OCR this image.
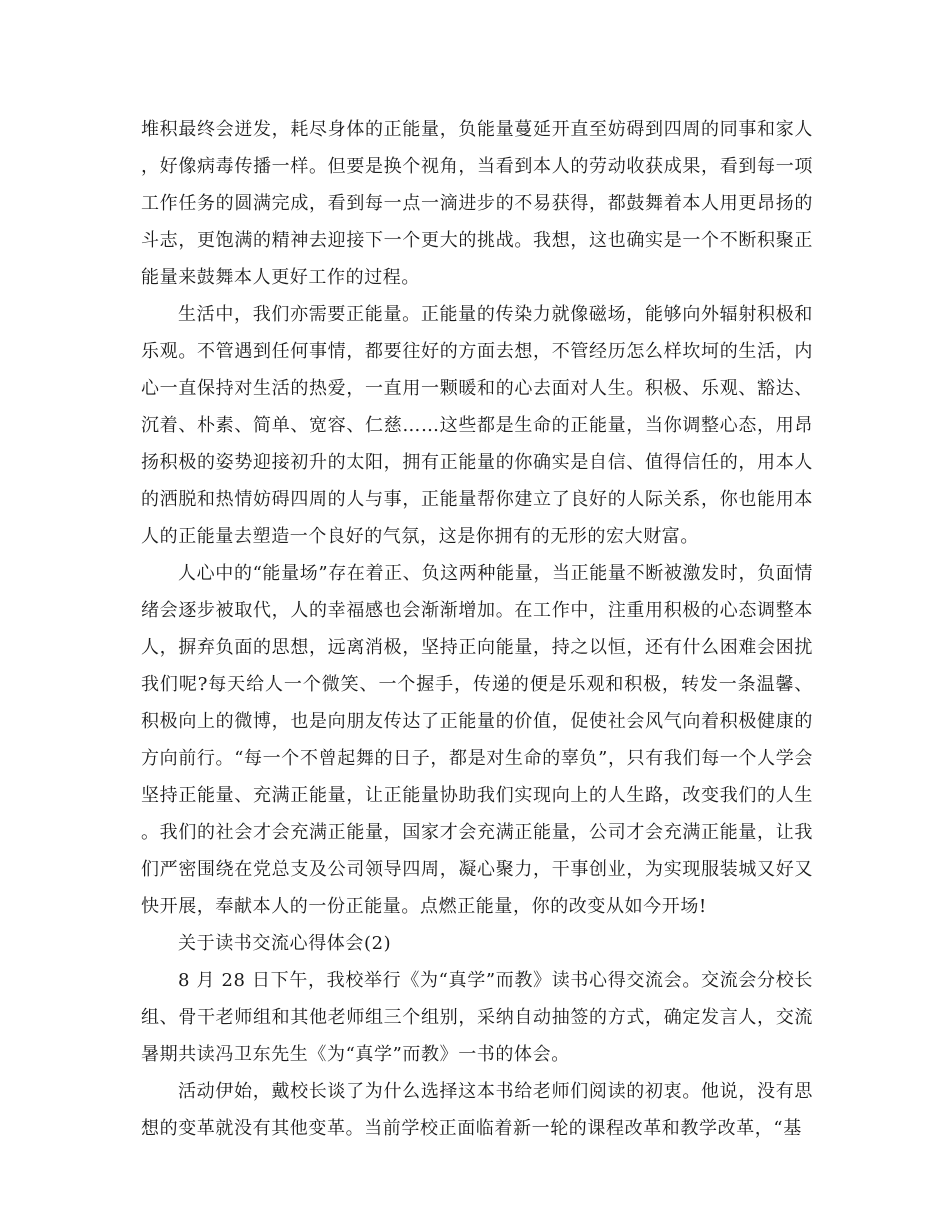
堆积最终会迸发，耗尽身体的正能量，负能量蔓延开直至妨碍到四周的同事和家人，好像病毒传播一样。但要是换个视角，当看到本人的劳动收获成果，看到每一项工作任务的圆满完成，看到每一点一滴进步的不易获得，都鼓舞着本人用更昂扬的斗志，更饱满的精神去迎接下一个更大的挑战。我想，这也确实是一个不断积聚正能量来鼓舞本人更好工作的过程。

生活中，我们亦需要正能量。正能量的传染力就像磁场，能够向外辐射积极和乐观。不管遇到任何事情，都要往好的方面去想，不管经历怎么样坎坷的生活，内心一直保持对生活的热爱，一直用一颗暖和的心去面对人生。积极、乐观、豁达、沉着、朴素、简单、宽容、仁慈……这些都是生命的正能量，当你调整心态，用昂扬积极的姿势迎接初升的太阳，拥有正能量的你确实是自信、值得信任的，用本人的洒脱和热情妨碍四周的人与事，正能量帮你建立了良好的人际关系，你也能用本人的正能量去塑造一个良好的气氛，这是你拥有的无形的宏大财富。

人心中的“能量场”存在着正、负这两种能量，当正能量不断被激发时，负面情绪会逐步被取代，人的幸福感也会渐渐增加。在工作中，注重用积极的心态调整本人，摒弃负面的思想，远离消极，坚持正向能量，持之以恒，还有什么困难会困扰我们呢?每天给人一个微笑、一个握手，传递的便是乐观和积极，转发一条温馨、积极向上的微博，也是向朋友传达了正能量的价值，促使社会风气向着积极健康的方向前行。“每一个不曾起舞的日子，都是对生命的辜负”，只有我们每一个人学会坚持正能量、充满正能量，让正能量协助我们实现向上的人生路，改变我们的人生。我们的社会才会充满正能量，国家才会充满正能量，公司才会充满正能量，让我们严密围绕在党总支及公司领导四周，凝心聚力，干事创业，为实现服装城又好又快开展，奉献本人的一份正能量。点燃正能量，你的改变从如今开场!

关于读书交流心得体会(2)

8 月 28 日下午，我校举行《为“真学”而教》读书心得交流会。交流会分校长组、骨干老师组和其他老师组三个组别，采纳自动抽签的方式，确定发言人，交流暑期共读冯卫东先生《为“真学”而教》一书的体会。

活动伊始，戴校长谈了为什么选择这本书给老师们阅读的初衷。他说，没有思想的变革就没有其他变革。当前学校正面临着新一轮的课程改革和教学改革，“基
